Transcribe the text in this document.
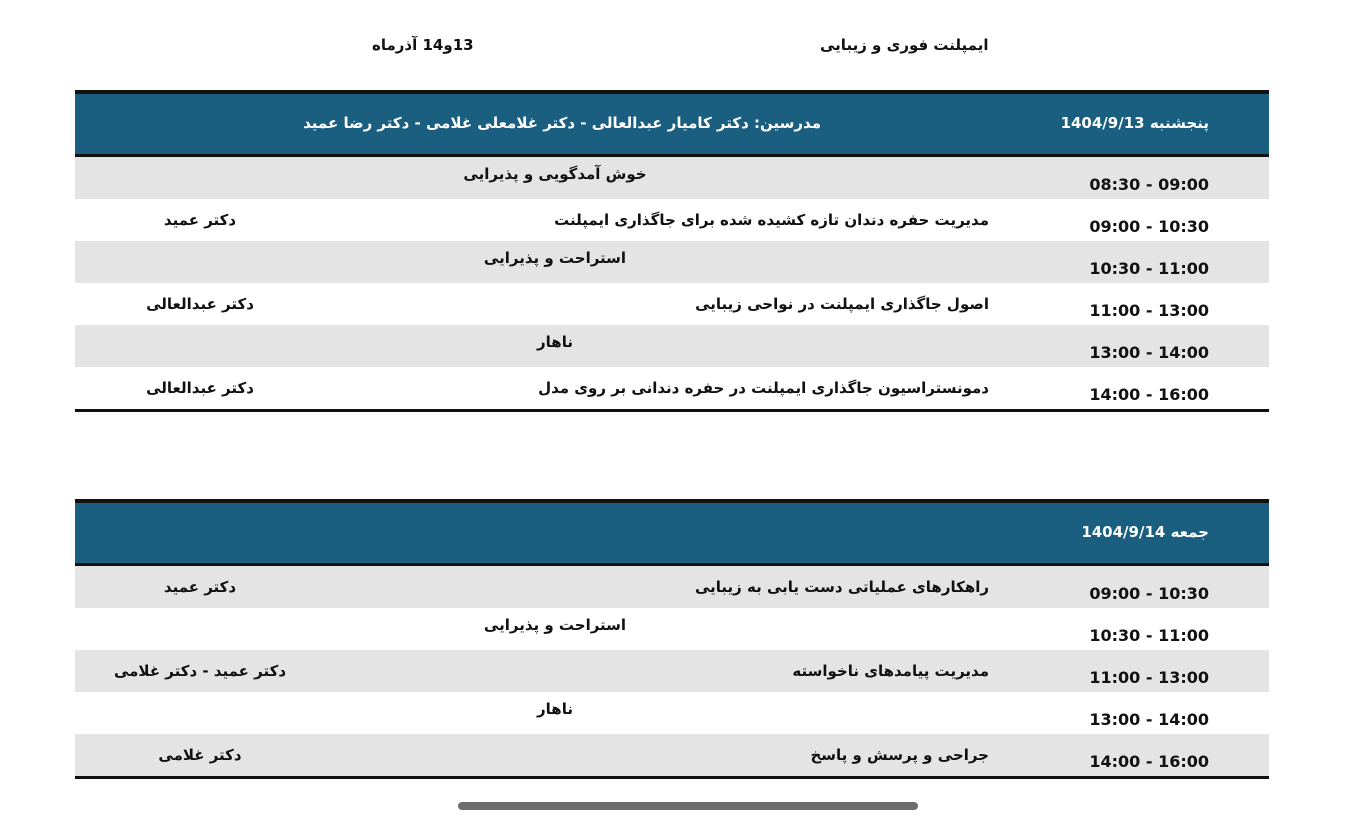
ایمپلنت فوری و زیبایی
13و14 آذرماه
پنجشنبه 1404/9/13
مدرسین: دکتر کامیار عبدالعالی - دکتر غلامعلی غلامی - دکتر رضا عمید
08:30 - 09:00
خوش آمدگویی و پذیرایی
09:00 - 10:30
مدیریت حفره دندان تازه کشیده شده برای جاگذاری ایمپلنت
دکتر عمید
10:30 - 11:00
استراحت و پذیرایی
11:00 - 13:00
اصول جاگذاری ایمپلنت در نواحی زیبایی
دکتر عبدالعالی
13:00 - 14:00
ناهار
14:00 - 16:00
دمونستراسیون جاگذاری ایمپلنت در حفره دندانی بر روی مدل
دکتر عبدالعالی
جمعه 1404/9/14
09:00 - 10:30
راهکارهای عملیاتی دست یابی به زیبایی
دکتر عمید
10:30 - 11:00
استراحت و پذیرایی
11:00 - 13:00
مدیریت پیامدهای ناخواسته
دکتر عمید - دکتر غلامی
13:00 - 14:00
ناهار
14:00 - 16:00
جراحی و پرسش و پاسخ
دکتر غلامی
